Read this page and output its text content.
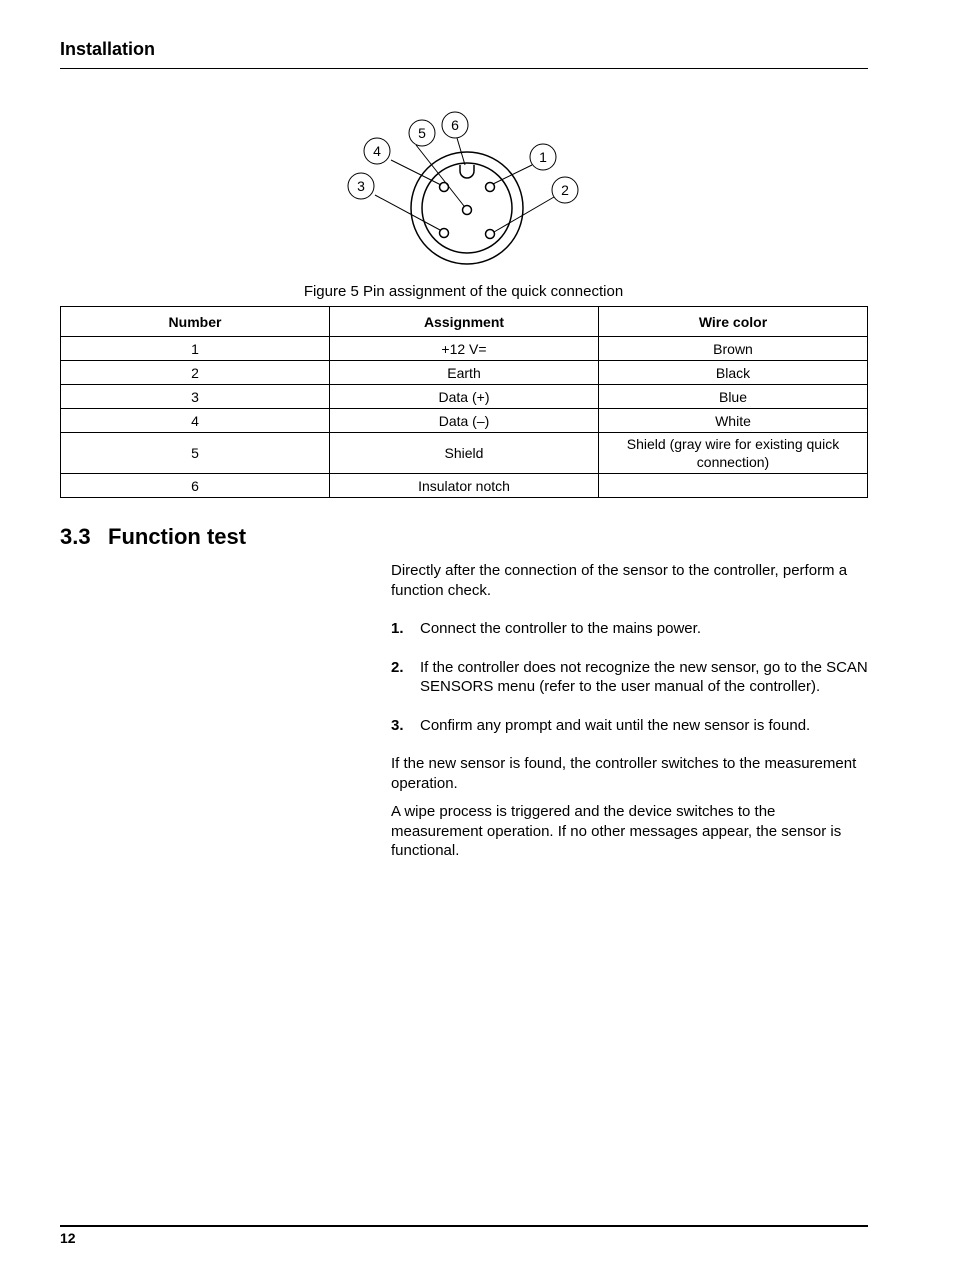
Installation
1
2
3
4
5 6
Figure 5 Pin assignment of the quick connection
Number	Assignment	Wire color
1	+12 V=	Brown
2	Earth	Black
3	Data (+)	Blue
4	Data (–)	White
5	Shield	Shield (gray wire for existing quick connection)
6	Insulator notch	
3.3 Function test

Directly after the connection of the sensor to the controller, perform a function check.

1.	Connect the controller to the mains power.
2.	If the controller does not recognize the new sensor, go to the SCAN SENSORS menu (refer to the user manual of the controller).
3.	Confirm any prompt and wait until the new sensor is found.

If the new sensor is found, the controller switches to the measurement operation.

A wipe process is triggered and the device switches to the measurement operation. If no other messages appear, the sensor is functional.

12
